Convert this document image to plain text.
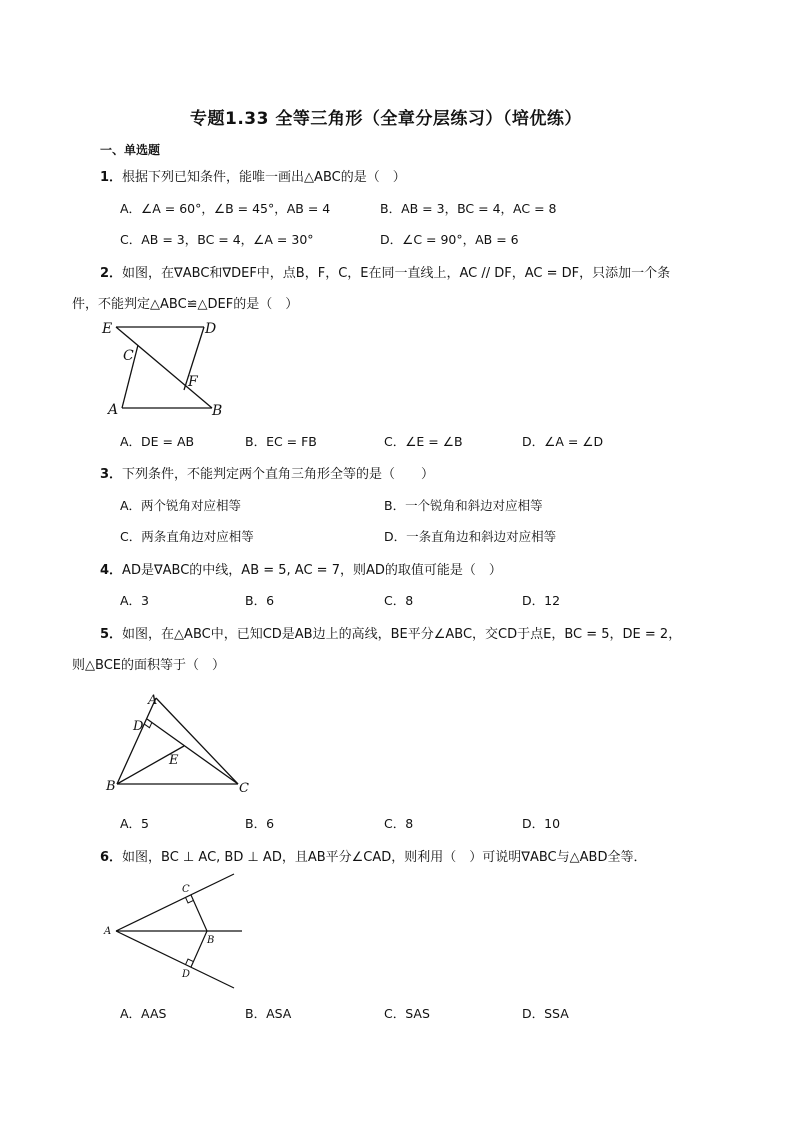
专题1.33 全等三角形（全章分层练习）（培优练）
一、单选题
1．根据下列已知条件，能唯一画出△ABC的是（　）
A．∠A = 60°，∠B = 45°，AB = 4	B．AB = 3，BC = 4，AC = 8
C．AB = 3，BC = 4，∠A = 30°	D．∠C = 90°，AB = 6
2．如图，在∇ABC和∇DEF中，点B，F，C，E在同一直线上，AC // DF，AC = DF，只添加一个条
件，不能判定△ABC≌△DEF的是（　）
E	D
C
F
A	B
A．DE = AB	B．EC = FB	C．∠E = ∠B	D．∠A = ∠D
3．下列条件，不能判定两个直角三角形全等的是（　　）
A．两个锐角对应相等	B．一个锐角和斜边对应相等
C．两条直角边对应相等	D．一条直角边和斜边对应相等
4．AD是∇ABC的中线，AB = 5, AC = 7，则AD的取值可能是（　）
A．3	B．6	C．8	D．12
5．如图，在△ABC中，已知CD是AB边上的高线，BE平分∠ABC，交CD于点E，BC = 5，DE = 2，
则△BCE的面积等于（　）
A
D
E
B	C
A．5	B．6	C．8	D．10
6．如图，BC ⊥ AC, BD ⊥ AD，且AB平分∠CAD，则利用（　）可说明∇ABC与△ABD全等．
C
A
B
D
A．AAS	B．ASA	C．SAS	D．SSA
